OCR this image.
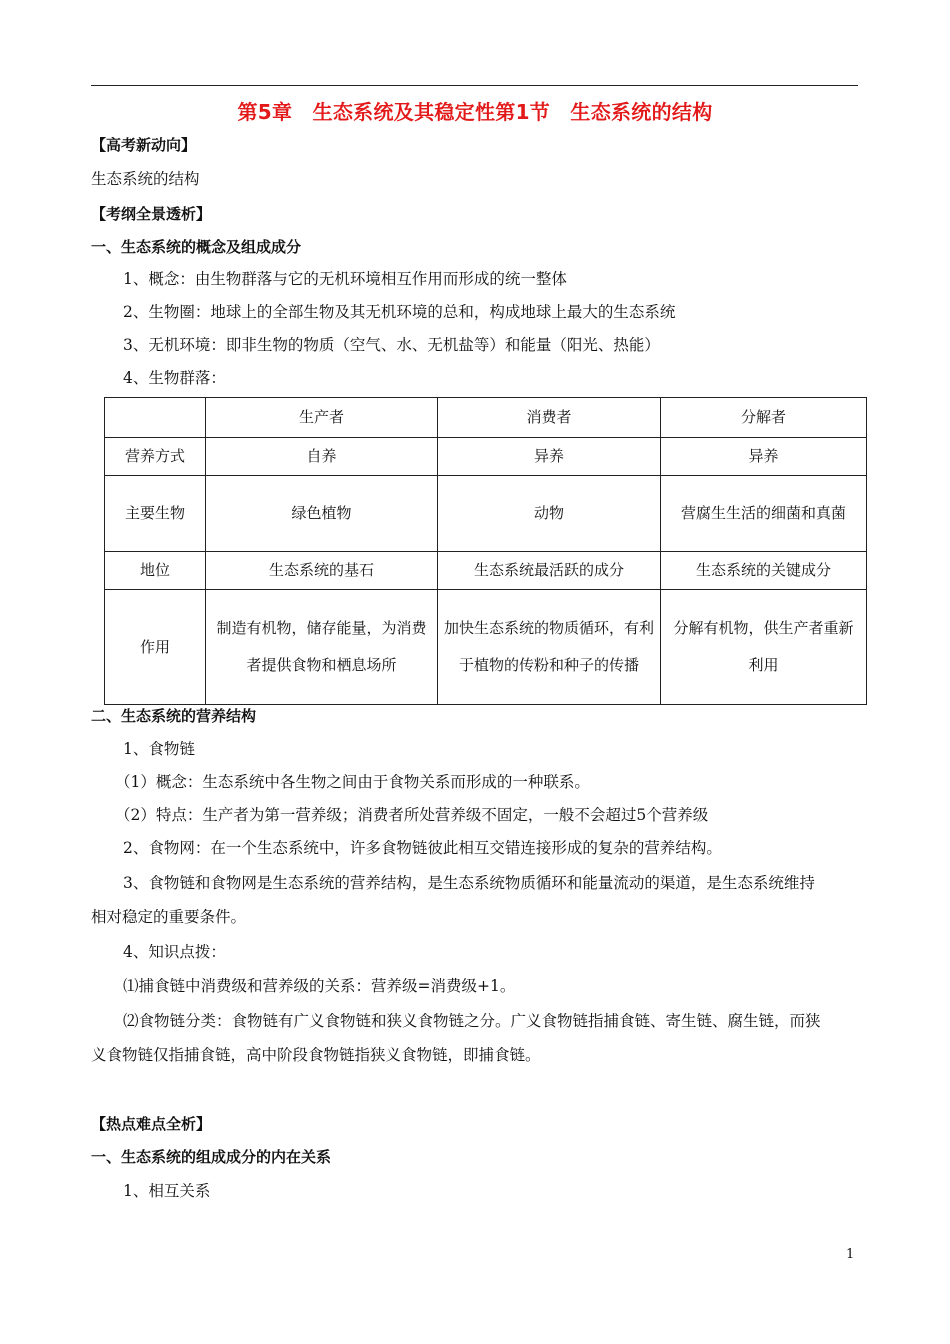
第5章　生态系统及其稳定性第1节　生态系统的结构
【高考新动向】
生态系统的结构
【考纲全景透析】
一、生态系统的概念及组成成分
1、概念：由生物群落与它的无机环境相互作用而形成的统一整体
2、生物圈：地球上的全部生物及其无机环境的总和，构成地球上最大的生态系统
3、无机环境：即非生物的物质（空气、水、无机盐等）和能量（阳光、热能）
4、生物群落：
	生产者	消费者	分解者
营养方式	自养	异养	异养
主要生物	绿色植物	动物	营腐生生活的细菌和真菌
地位	生态系统的基石	生态系统最活跃的成分	生态系统的关键成分
作用	制造有机物，储存能量，为消费者提供食物和栖息场所	加快生态系统的物质循环，有利于植物的传粉和种子的传播	分解有机物，供生产者重新利用
二、生态系统的营养结构
1、食物链
（1）概念：生态系统中各生物之间由于食物关系而形成的一种联系。
（2）特点：生产者为第一营养级；消费者所处营养级不固定，一般不会超过5个营养级
2、食物网：在一个生态系统中，许多食物链彼此相互交错连接形成的复杂的营养结构。
3、食物链和食物网是生态系统的营养结构，是生态系统物质循环和能量流动的渠道，是生态系统维持
相对稳定的重要条件。
4、知识点拨：
⑴捕食链中消费级和营养级的关系：营养级=消费级+1。
⑵食物链分类：食物链有广义食物链和狭义食物链之分。广义食物链指捕食链、寄生链、腐生链，而狭
义食物链仅指捕食链，高中阶段食物链指狭义食物链，即捕食链。
【热点难点全析】
一、生态系统的组成成分的内在关系
1、相互关系
1
